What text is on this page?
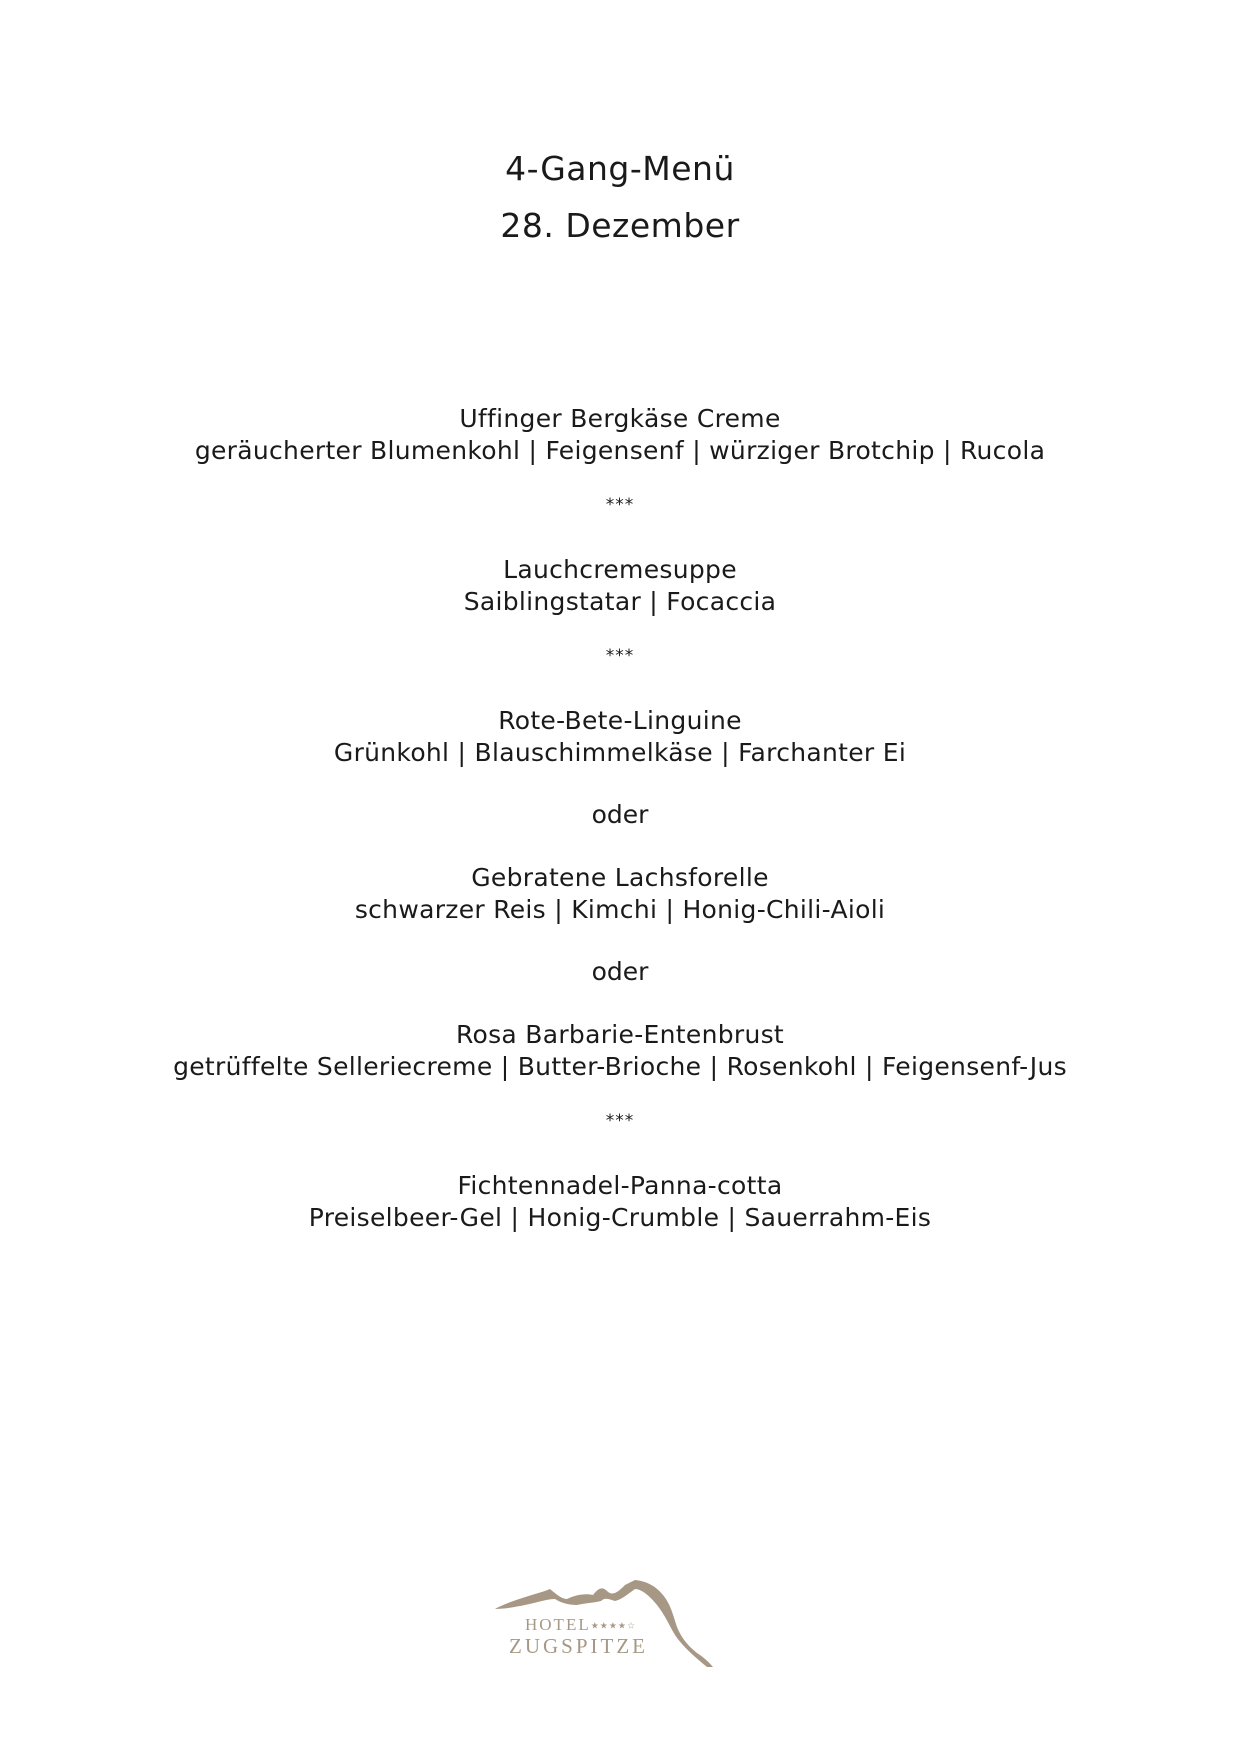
4-Gang-Menü
28. Dezember
Uffinger Bergkäse Creme
geräucherter Blumenkohl | Feigensenf | würziger Brotchip | Rucola
***
Lauchcremesuppe
Saiblingstatar | Focaccia
***
Rote-Bete-Linguine
Grünkohl | Blauschimmelkäse | Farchanter Ei
oder
Gebratene Lachsforelle
schwarzer Reis | Kimchi | Honig-Chili-Aioli
oder
Rosa Barbarie-Entenbrust
getrüffelte Selleriecreme | Butter-Brioche | Rosenkohl | Feigensenf-Jus
***
Fichtennadel-Panna-cotta
Preiselbeer-Gel | Honig-Crumble | Sauerrahm-Eis
HOTEL★★★★☆
ZUGSPITZE
